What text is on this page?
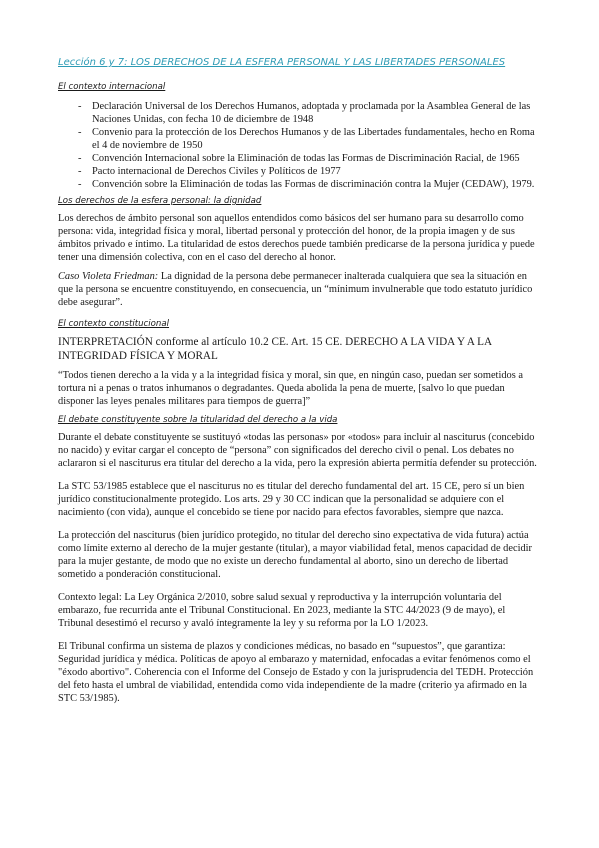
Lección 6 y 7: LOS DERECHOS DE LA ESFERA PERSONAL Y LAS LIBERTADES PERSONALES
El contexto internacional
- Declaración Universal de los Derechos Humanos, adoptada y proclamada por la Asamblea General de las Naciones Unidas, con fecha 10 de diciembre de 1948
- Convenio para la protección de los Derechos Humanos y de las Libertades fundamentales, hecho en Roma el 4 de noviembre de 1950
- Convención Internacional sobre la Eliminación de todas las Formas de Discriminación Racial, de 1965
- Pacto internacional de Derechos Civiles y Políticos de 1977
- Convención sobre la Eliminación de todas las Formas de discriminación contra la Mujer (CEDAW), 1979.
Los derechos de la esfera personal: la dignidad

Los derechos de ámbito personal son aquellos entendidos como básicos del ser humano para su desarrollo como persona: vida, integridad física y moral, libertad personal y protección del honor, de la propia imagen y de sus ámbitos privado e íntimo. La titularidad de estos derechos puede también predicarse de la persona jurídica y puede tener una dimensión colectiva, con en el caso del derecho al honor.

Caso Violeta Friedman: La dignidad de la persona debe permanecer inalterada cualquiera que sea la situación en que la persona se encuentre constituyendo, en consecuencia, un “mínimum invulnerable que todo estatuto jurídico debe asegurar”.

El contexto constitucional

INTERPRETACIÓN conforme al artículo 10.2 CE. Art. 15 CE. DERECHO A LA VIDA Y A LA INTEGRIDAD FÍSICA Y MORAL

“Todos tienen derecho a la vida y a la integridad física y moral, sin que, en ningún caso, puedan ser sometidos a tortura ni a penas o tratos inhumanos o degradantes. Queda abolida la pena de muerte, [salvo lo que puedan disponer las leyes penales militares para tiempos de guerra]”

El debate constituyente sobre la titularidad del derecho a la vida

Durante el debate constituyente se sustituyó «todas las personas» por «todos» para incluir al nasciturus (concebido no nacido) y evitar cargar el concepto de “persona” con significados del derecho civil o penal. Los debates no aclararon si el nasciturus era titular del derecho a la vida, pero la expresión abierta permitía defender su protección.

La STC 53/1985 establece que el nasciturus no es titular del derecho fundamental del art. 15 CE, pero sí un bien jurídico constitucionalmente protegido. Los arts. 29 y 30 CC indican que la personalidad se adquiere con el nacimiento (con vida), aunque el concebido se tiene por nacido para efectos favorables, siempre que nazca.

La protección del nasciturus (bien jurídico protegido, no titular del derecho sino expectativa de vida futura) actúa como límite externo al derecho de la mujer gestante (titular), a mayor viabilidad fetal, menos capacidad de decidir para la mujer gestante, de modo que no existe un derecho fundamental al aborto, sino un derecho de libertad sometido a ponderación constitucional.

Contexto legal: La Ley Orgánica 2/2010, sobre salud sexual y reproductiva y la interrupción voluntaria del embarazo, fue recurrida ante el Tribunal Constitucional. En 2023, mediante la STC 44/2023 (9 de mayo), el Tribunal desestimó el recurso y avaló íntegramente la ley y su reforma por la LO 1/2023.

El Tribunal confirma un sistema de plazos y condiciones médicas, no basado en “supuestos”, que garantiza: Seguridad jurídica y médica. Políticas de apoyo al embarazo y maternidad, enfocadas a evitar fenómenos como el "éxodo abortivo". Coherencia con el Informe del Consejo de Estado y con la jurisprudencia del TEDH. Protección del feto hasta el umbral de viabilidad, entendida como vida independiente de la madre (criterio ya afirmado en la STC 53/1985).
